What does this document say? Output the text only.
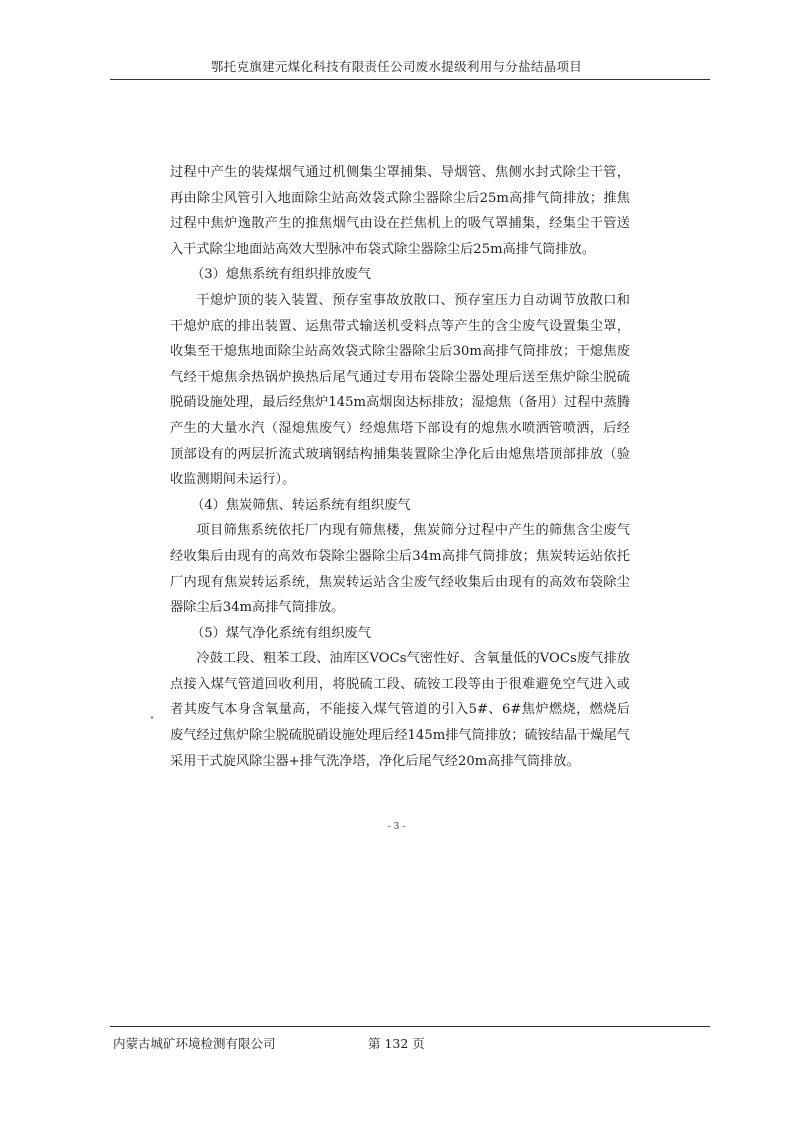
鄂托克旗建元煤化科技有限责任公司废水提级利用与分盐结晶项目

过程中产生的装煤烟气通过机侧集尘罩捕集、导烟管、焦侧水封式除尘干管，再由除尘风管引入地面除尘站高效袋式除尘器除尘后25m高排气筒排放；推焦过程中焦炉逸散产生的推焦烟气由设在拦焦机上的吸气罩捕集，经集尘干管送入干式除尘地面站高效大型脉冲布袋式除尘器除尘后25m高排气筒排放。

（3）熄焦系统有组织排放废气

干熄炉顶的装入装置、预存室事故放散口、预存室压力自动调节放散口和干熄炉底的排出装置、运焦带式输送机受料点等产生的含尘废气设置集尘罩，收集至干熄焦地面除尘站高效袋式除尘器除尘后30m高排气筒排放；干熄焦废气经干熄焦余热锅炉换热后尾气通过专用布袋除尘器处理后送至焦炉除尘脱硫脱硝设施处理，最后经焦炉145m高烟囱达标排放；湿熄焦（备用）过程中蒸腾产生的大量水汽（湿熄焦废气）经熄焦塔下部设有的熄焦水喷洒管喷洒，后经顶部设有的两层折流式玻璃钢结构捕集装置除尘净化后由熄焦塔顶部排放（验收监测期间未运行）。

（4）焦炭筛焦、转运系统有组织废气

项目筛焦系统依托厂内现有筛焦楼，焦炭筛分过程中产生的筛焦含尘废气经收集后由现有的高效布袋除尘器除尘后34m高排气筒排放；焦炭转运站依托厂内现有焦炭转运系统，焦炭转运站含尘废气经收集后由现有的高效布袋除尘器除尘后34m高排气筒排放。

（5）煤气净化系统有组织废气

冷鼓工段、粗苯工段、油库区VOCs气密性好、含氧量低的VOCs废气排放点接入煤气管道回收利用，将脱硫工段、硫铵工段等由于很难避免空气进入或者其废气本身含氧量高，不能接入煤气管道的引入5#、6#焦炉燃烧，燃烧后废气经过焦炉除尘脱硫脱硝设施处理后经145m排气筒排放；硫铵结晶干燥尾气采用干式旋风除尘器+排气洗净塔，净化后尾气经20m高排气筒排放。

- 3 -
内蒙古城矿环境检测有限公司	第 132 页
